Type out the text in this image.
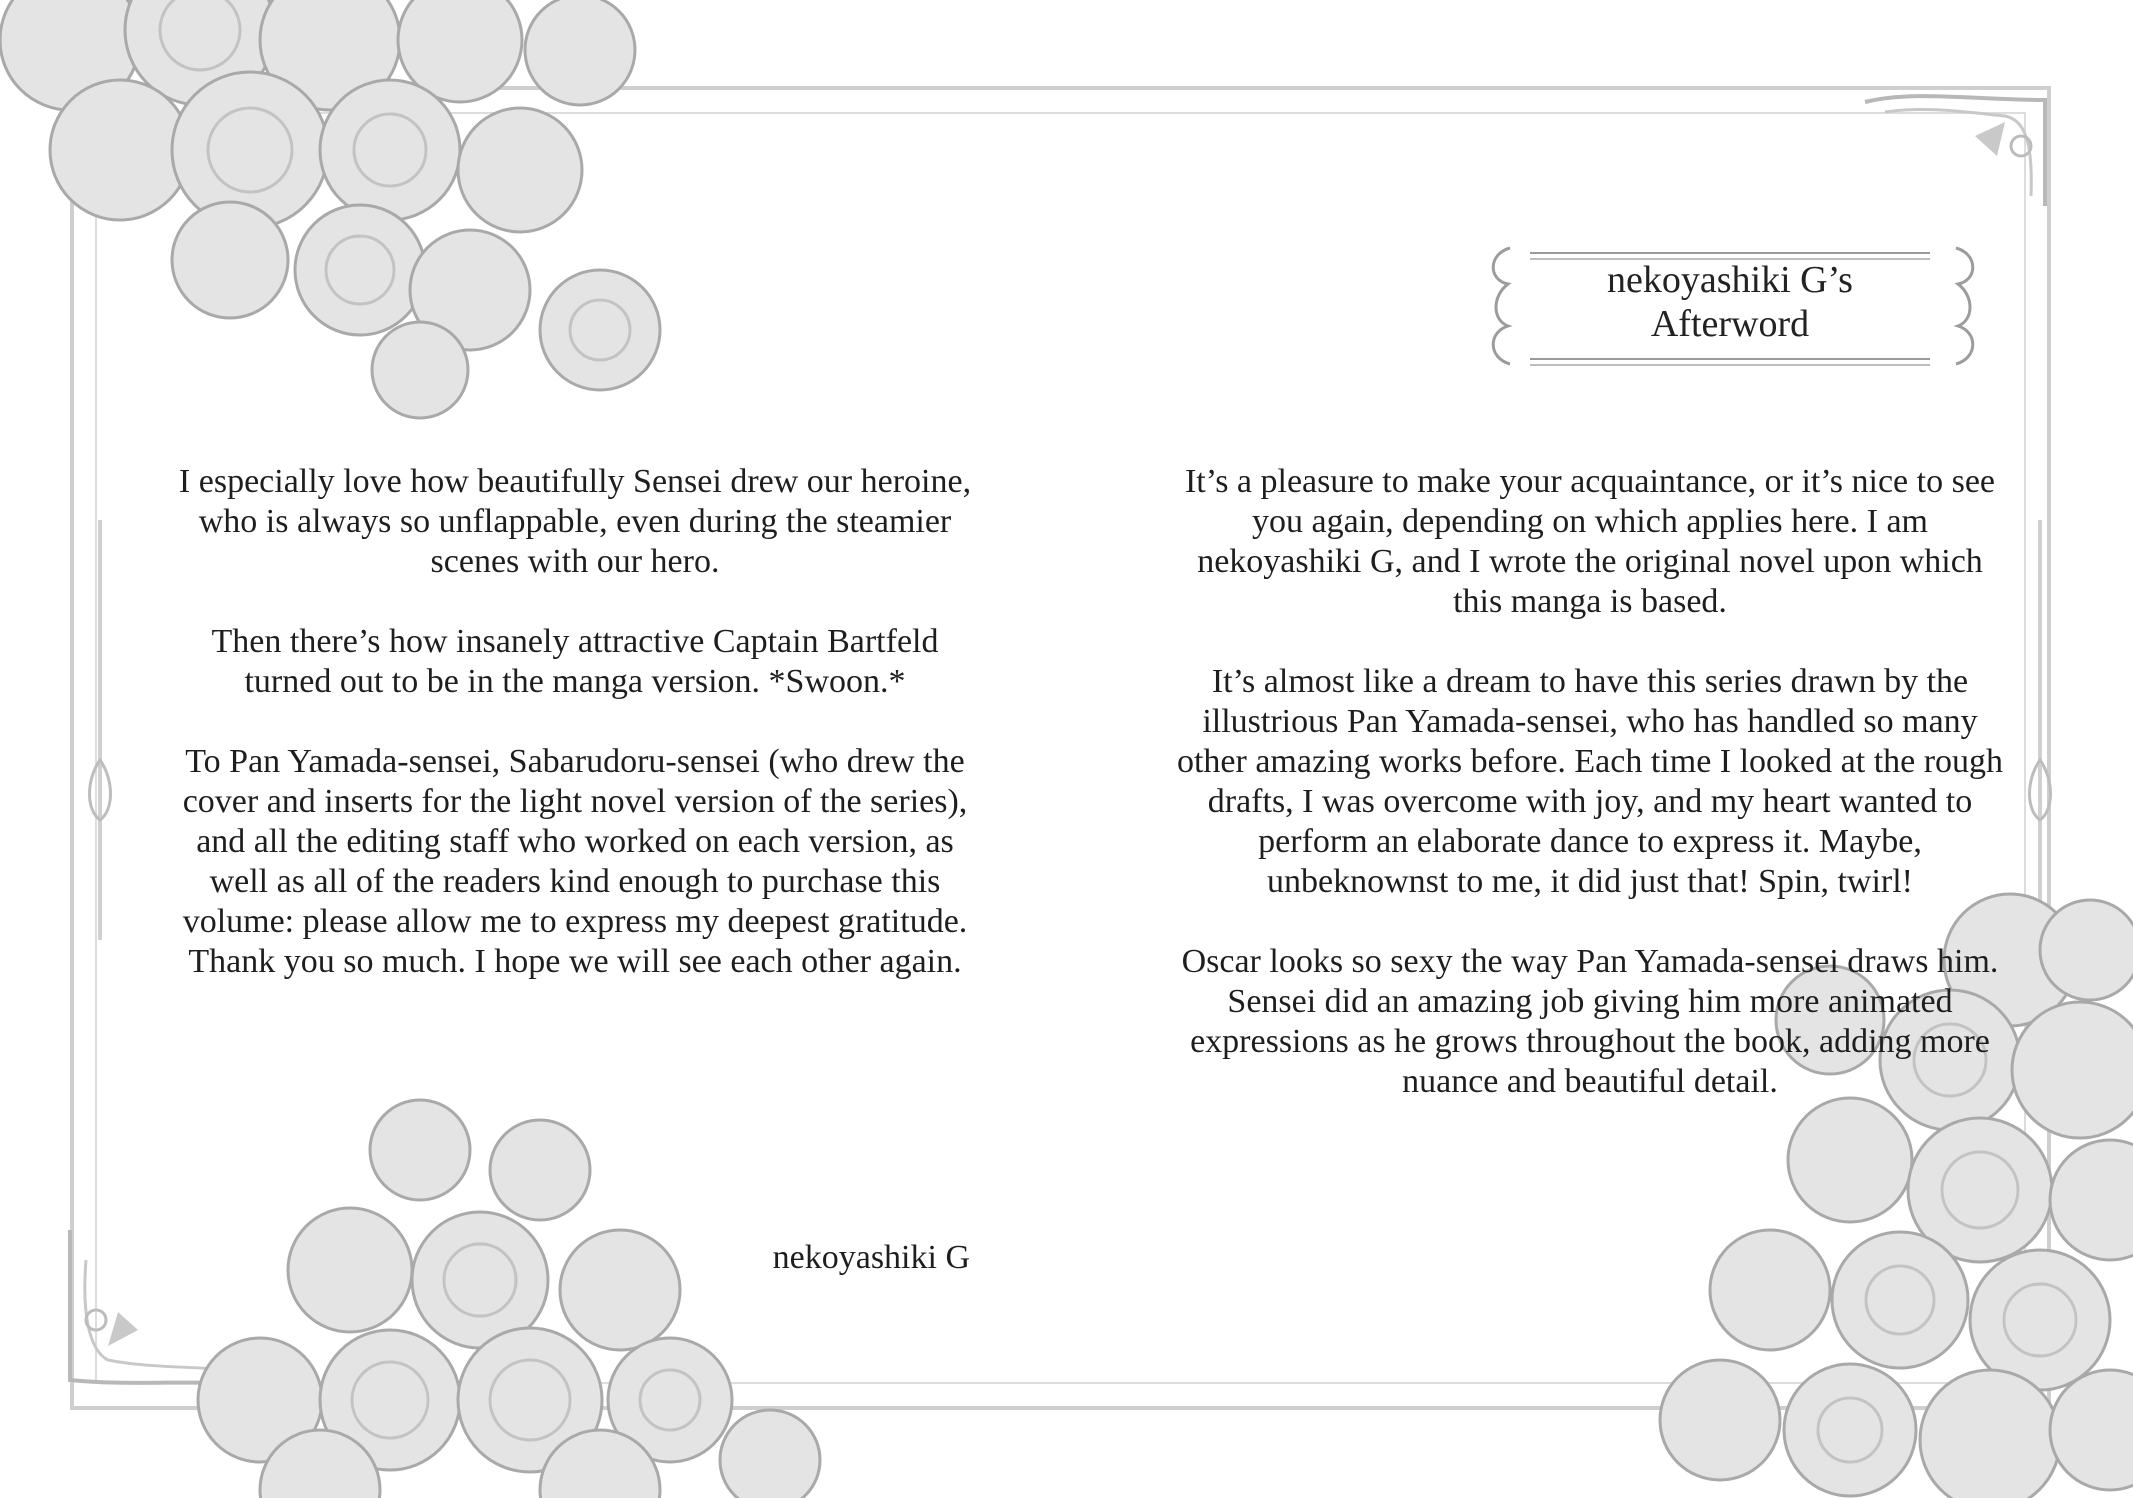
nekoyashiki G’s
Afterword

I especially love how beautifully Sensei drew our heroine, who is always so unflappable, even during the steamier scenes with our hero.

Then there’s how insanely attractive Captain Bartfeld turned out to be in the manga version. *Swoon.*

To Pan Yamada-sensei, Sabarudoru-sensei (who drew the cover and inserts for the light novel version of the series), and all the editing staff who worked on each version, as well as all of the readers kind enough to purchase this volume: please allow me to express my deepest gratitude. Thank you so much. I hope we will see each other again.

nekoyashiki G

It’s a pleasure to make your acquaintance, or it’s nice to see you again, depending on which applies here. I am nekoyashiki G, and I wrote the original novel upon which this manga is based.

It’s almost like a dream to have this series drawn by the illustrious Pan Yamada-sensei, who has handled so many other amazing works before. Each time I looked at the rough drafts, I was overcome with joy, and my heart wanted to perform an elaborate dance to express it. Maybe, unbeknownst to me, it did just that! Spin, twirl!

Oscar looks so sexy the way Pan Yamada-sensei draws him. Sensei did an amazing job giving him more animated expressions as he grows throughout the book, adding more nuance and beautiful detail.
